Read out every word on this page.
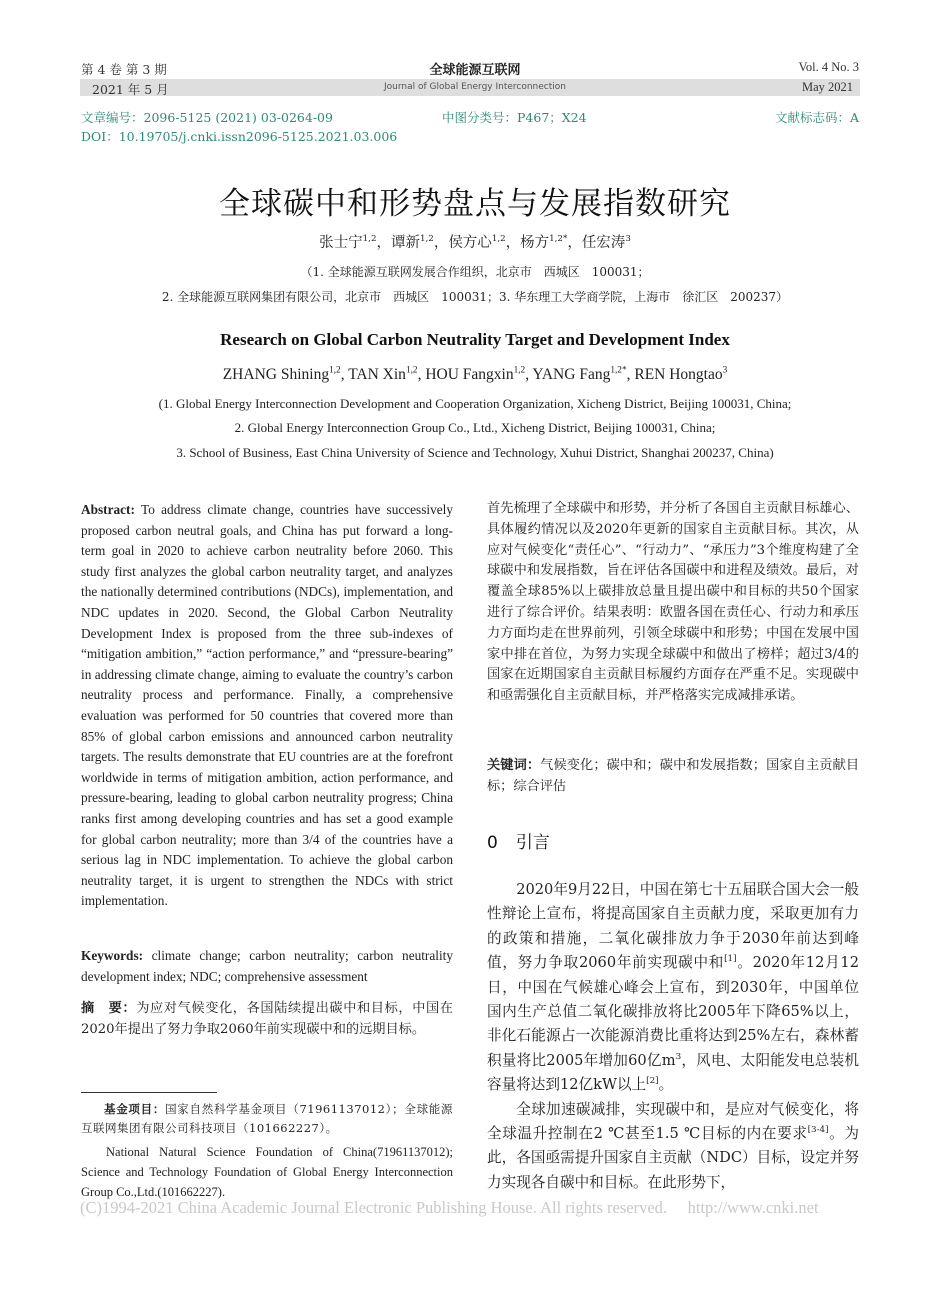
第 4 卷 第 3 期	全球能源互联网	Vol. 4 No. 3
2021 年 5 月	Journal of Global Energy Interconnection	May 2021
文章编号：2096-5125 (2021) 03-0264-09	中图分类号：P467；X24	文献标志码：A
DOI：10.19705/j.cnki.issn2096-5125.2021.03.006
全球碳中和形势盘点与发展指数研究
张士宁$^{1,2}$，谭新$^{1,2}$，侯方心$^{1,2}$，杨方$^{1,2*}$，任宏涛$^3$
（1. 全球能源互联网发展合作组织，北京市　西城区　100031；
2. 全球能源互联网集团有限公司，北京市　西城区　100031；3. 华东理工大学商学院，上海市　徐汇区　200237）
Research on Global Carbon Neutrality Target and Development Index
ZHANG Shining$^{1,2}$, TAN Xin$^{1,2}$, HOU Fangxin$^{1,2}$, YANG Fang$^{1,2*}$, REN Hongtao$^3$
(1. Global Energy Interconnection Development and Cooperation Organization, Xicheng District, Beijing 100031, China;
2. Global Energy Interconnection Group Co., Ltd., Xicheng District, Beijing 100031, China;
3. School of Business, East China University of Science and Technology, Xuhui District, Shanghai 200237, China)

Abstract: To address climate change, countries have successively proposed carbon neutral goals, and China has put forward a long-term goal in 2020 to achieve carbon neutrality before 2060. This study first analyzes the global carbon neutrality target, and analyzes the nationally determined contributions (NDCs), implementation, and NDC updates in 2020. Second, the Global Carbon Neutrality Development Index is proposed from the three sub-indexes of “mitigation ambition,” “action performance,” and “pressure-bearing” in addressing climate change, aiming to evaluate the country’s carbon neutrality process and performance. Finally, a comprehensive evaluation was performed for 50 countries that covered more than 85% of global carbon emissions and announced carbon neutrality targets. The results demonstrate that EU countries are at the forefront worldwide in terms of mitigation ambition, action performance, and pressure-bearing, leading to global carbon neutrality progress; China ranks first among developing countries and has set a good example for global carbon neutrality; more than 3/4 of the countries have a serious lag in NDC implementation. To achieve the global carbon neutrality target, it is urgent to strengthen the NDCs with strict implementation.

Keywords: climate change; carbon neutrality; carbon neutrality development index; NDC; comprehensive assessment

摘　要：为应对气候变化，各国陆续提出碳中和目标，中国在2020年提出了努力争取2060年前实现碳中和的远期目标。

基金项目：国家自然科学基金项目（71961137012）；全球能源互联网集团有限公司科技项目（101662227）。

National Natural Science Foundation of China(71961137012); Science and Technology Foundation of Global Energy Interconnection Group Co.,Ltd.(101662227).
首先梳理了全球碳中和形势，并分析了各国自主贡献目标雄心、具体履约情况以及2020年更新的国家自主贡献目标。其次，从应对气候变化“责任心”、“行动力”、“承压力”3个维度构建了全球碳中和发展指数，旨在评估各国碳中和进程及绩效。最后，对覆盖全球85%以上碳排放总量且提出碳中和目标的共50个国家进行了综合评价。结果表明：欧盟各国在责任心、行动力和承压力方面均走在世界前列，引领全球碳中和形势；中国在发展中国家中排在首位，为努力实现全球碳中和做出了榜样；超过3/4的国家在近期国家自主贡献目标履约方面存在严重不足。实现碳中和亟需强化自主贡献目标，并严格落实完成减排承诺。

关键词：气候变化；碳中和；碳中和发展指数；国家自主贡献目标；综合评估

0 引言

2020年9月22日，中国在第七十五届联合国大会一般性辩论上宣布，将提高国家自主贡献力度，采取更加有力的政策和措施，二氧化碳排放力争于2030年前达到峰值，努力争取2060年前实现碳中和[1]。2020年12月12日，中国在气候雄心峰会上宣布，到2030年，中国单位国内生产总值二氧化碳排放将比2005年下降65%以上，非化石能源占一次能源消费比重将达到25%左右，森林蓄积量将比2005年增加60亿$m^3$，风电、太阳能发电总装机容量将达到12亿kW以上[2]。

全球加速碳减排，实现碳中和，是应对气候变化，将全球温升控制在2 ℃甚至1.5 ℃目标的内在要求[3-4]。为此，各国亟需提升国家自主贡献（NDC）目标，设定并努力实现各自碳中和目标。在此形势下，

(C)1994-2021 China Academic Journal Electronic Publishing House. All rights reserved.　 http://www.cnki.net
